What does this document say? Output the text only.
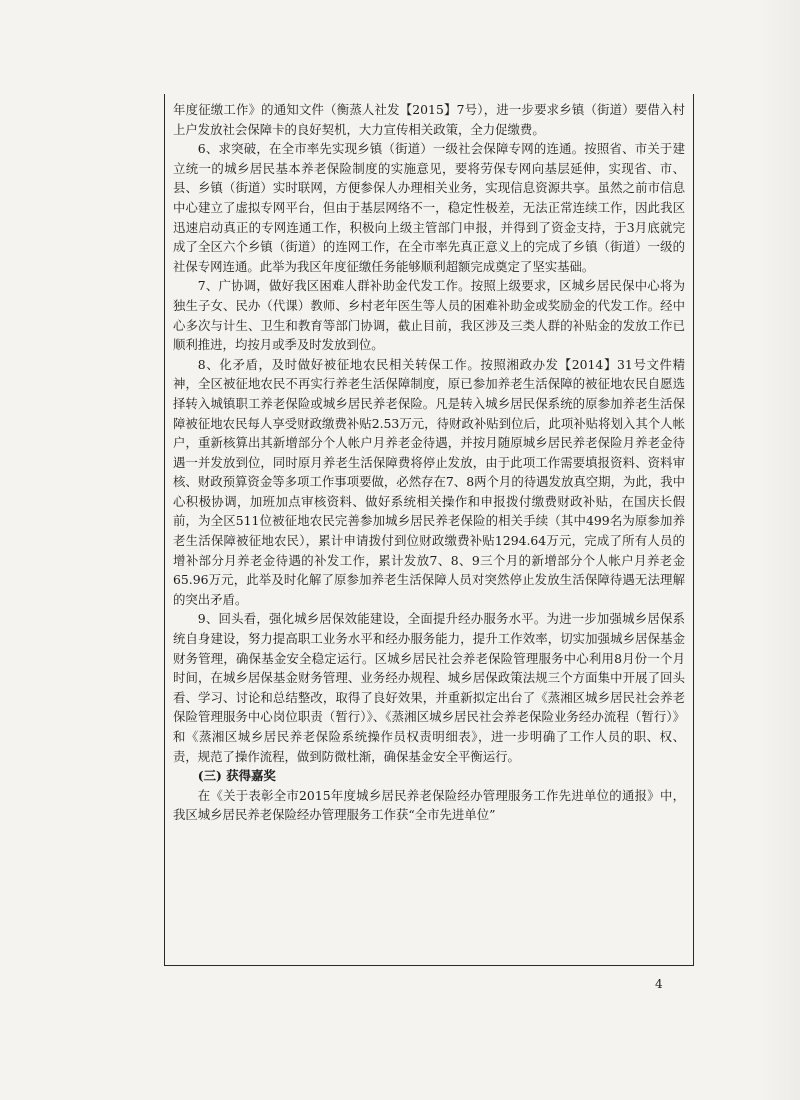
年度征缴工作》的通知文件（衡蒸人社发【2015】7号），进一步要求乡镇（街道）要借入村上户发放社会保障卡的良好契机，大力宣传相关政策，全力促缴费。

6、求突破，在全市率先实现乡镇（街道）一级社会保障专网的连通。按照省、市关于建立统一的城乡居民基本养老保险制度的实施意见，要将劳保专网向基层延伸，实现省、市、县、乡镇（街道）实时联网，方便参保人办理相关业务，实现信息资源共享。虽然之前市信息中心建立了虚拟专网平台，但由于基层网络不一，稳定性极差，无法正常连续工作，因此我区迅速启动真正的专网连通工作，积极向上级主管部门申报，并得到了资金支持，于3月底就完成了全区六个乡镇（街道）的连网工作，在全市率先真正意义上的完成了乡镇（街道）一级的社保专网连通。此举为我区年度征缴任务能够顺利超额完成奠定了坚实基础。

7、广协调，做好我区困难人群补助金代发工作。按照上级要求，区城乡居民保中心将为独生子女、民办（代课）教师、乡村老年医生等人员的困难补助金或奖励金的代发工作。经中心多次与计生、卫生和教育等部门协调，截止目前，我区涉及三类人群的补贴金的发放工作已顺利推进，均按月或季及时发放到位。

8、化矛盾，及时做好被征地农民相关转保工作。按照湘政办发【2014】31号文件精神，全区被征地农民不再实行养老生活保障制度，原已参加养老生活保障的被征地农民自愿选择转入城镇职工养老保险或城乡居民养老保险。凡是转入城乡居民保系统的原参加养老生活保障被征地农民每人享受财政缴费补贴2.53万元，待财政补贴到位后，此项补贴将划入其个人帐户，重新核算出其新增部分个人帐户月养老金待遇，并按月随原城乡居民养老保险月养老金待遇一并发放到位，同时原月养老生活保障费将停止发放，由于此项工作需要填报资料、资料审核、财政预算资金等多项工作事项要做，必然存在7、8两个月的待遇发放真空期，为此，我中心积极协调，加班加点审核资料、做好系统相关操作和申报拨付缴费财政补贴，在国庆长假前，为全区511位被征地农民完善参加城乡居民养老保险的相关手续（其中499名为原参加养老生活保障被征地农民），累计申请拨付到位财政缴费补贴1294.64万元，完成了所有人员的增补部分月养老金待遇的补发工作，累计发放7、8、9三个月的新增部分个人帐户月养老金65.96万元，此举及时化解了原参加养老生活保障人员对突然停止发放生活保障待遇无法理解的突出矛盾。

9、回头看，强化城乡居保效能建设，全面提升经办服务水平。为进一步加强城乡居保系统自身建设，努力提高职工业务水平和经办服务能力，提升工作效率，切实加强城乡居保基金财务管理，确保基金安全稳定运行。区城乡居民社会养老保险管理服务中心利用8月份一个月时间，在城乡居保基金财务管理、业务经办规程、城乡居保政策法规三个方面集中开展了回头看、学习、讨论和总结整改，取得了良好效果，并重新拟定出台了《蒸湘区城乡居民社会养老保险管理服务中心岗位职责（暂行）》、《蒸湘区城乡居民社会养老保险业务经办流程（暂行）》和《蒸湘区城乡居民养老保险系统操作员权责明细表》，进一步明确了工作人员的职、权、责，规范了操作流程，做到防微杜渐，确保基金安全平衡运行。

(三) 获得嘉奖

在《关于表彰全市2015年度城乡居民养老保险经办管理服务工作先进单位的通报》中，我区城乡居民养老保险经办管理服务工作获“全市先进单位”

4
